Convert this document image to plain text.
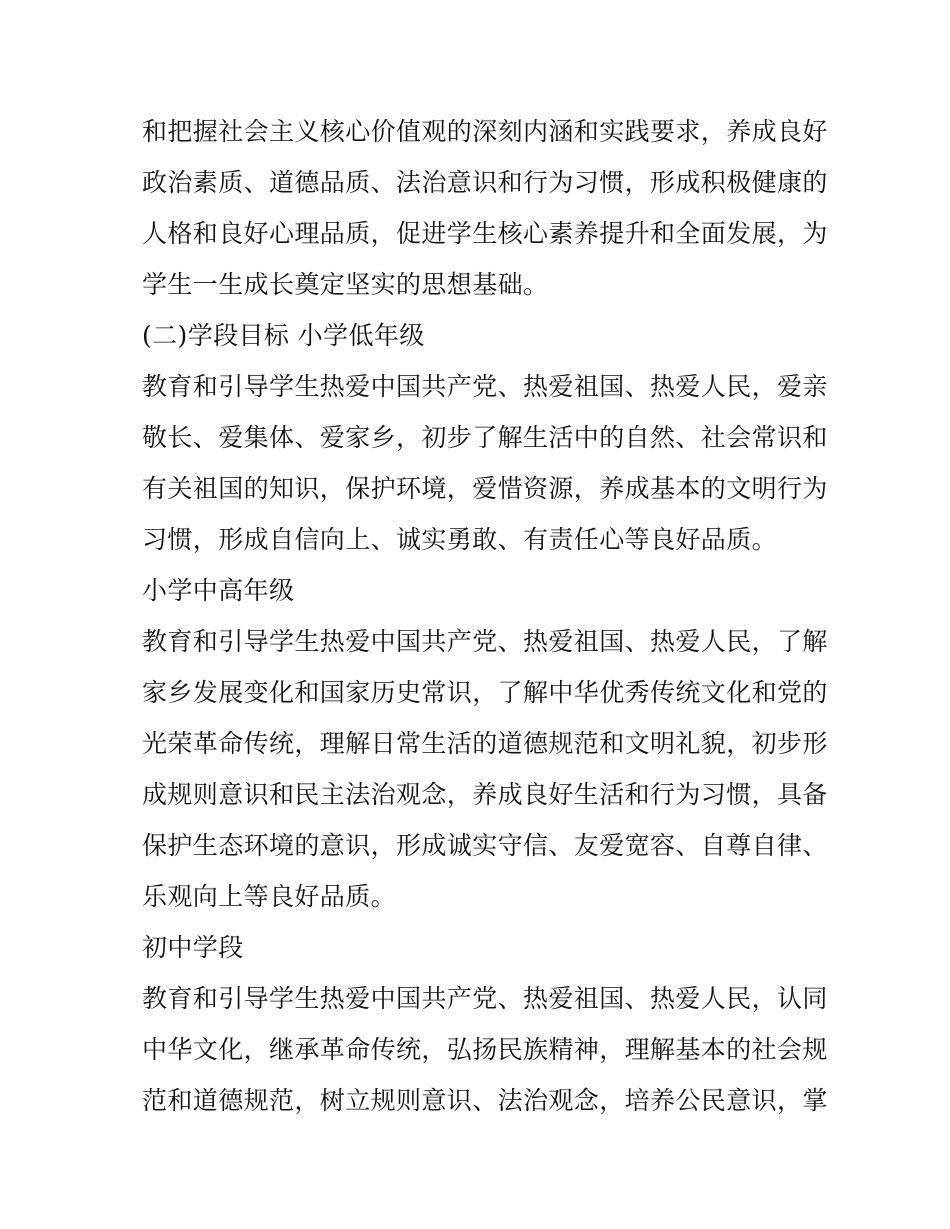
和把握社会主义核心价值观的深刻内涵和实践要求，养成良好
政治素质、道德品质、法治意识和行为习惯，形成积极健康的
人格和良好心理品质，促进学生核心素养提升和全面发展，为
学生一生成长奠定坚实的思想基础。

(二)学段目标 小学低年级

教育和引导学生热爱中国共产党、热爱祖国、热爱人民，爱亲
敬长、爱集体、爱家乡，初步了解生活中的自然、社会常识和
有关祖国的知识，保护环境，爱惜资源，养成基本的文明行为
习惯，形成自信向上、诚实勇敢、有责任心等良好品质。

小学中高年级

教育和引导学生热爱中国共产党、热爱祖国、热爱人民，了解
家乡发展变化和国家历史常识，了解中华优秀传统文化和党的
光荣革命传统，理解日常生活的道德规范和文明礼貌，初步形
成规则意识和民主法治观念，养成良好生活和行为习惯，具备
保护生态环境的意识，形成诚实守信、友爱宽容、自尊自律、
乐观向上等良好品质。

初中学段

教育和引导学生热爱中国共产党、热爱祖国、热爱人民，认同
中华文化，继承革命传统，弘扬民族精神，理解基本的社会规
范和道德规范，树立规则意识、法治观念，培养公民意识，掌
